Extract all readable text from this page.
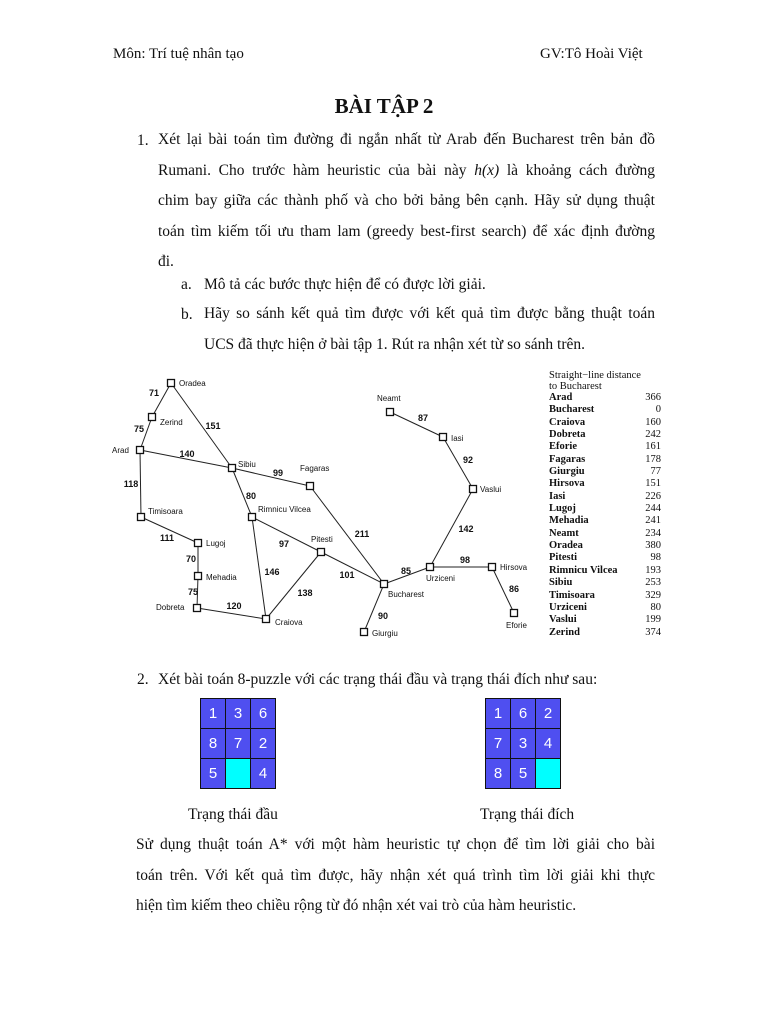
Môn: Trí tuệ nhân tạo	GV:Tô Hoài Việt
BÀI TẬP 2
1. Xét lại bài toán tìm đường đi ngắn nhất từ Arab đến Bucharest trên bản đồ
Rumani. Cho trước hàm heuristic của bài này h(x) là khoảng cách đường
chim bay giữa các thành phố và cho bởi bảng bên cạnh. Hãy sử dụng thuật
toán tìm kiếm tối ưu tham lam (greedy best-first search) để xác định đường
đi.
a. Mô tả các bước thực hiện để có được lời giải.
b. Hãy so sánh kết quả tìm được với kết quả tìm được bằng thuật toán
UCS đã thực hiện ở bài tập 1. Rút ra nhận xét từ so sánh trên.
71
75	151
140
118
111
70
75
120
99
80
97
146
138
101
211
90
85
98
86
142
92
87
Oradea
Zerind
Arad
Timisoara
Lugoj
Mehadia
Dobreta
Craiova
Sibiu
Rimnicu Vilcea
Fagaras
Pitesti
Bucharest
Giurgiu
Urziceni
Hirsova
Eforie
Vaslui
Iasi
Neamt
Straight−line distance
to Bucharest
Arad	366
Bucharest	0
Craiova	160
Dobreta	242
Eforie	161
Fagaras	178
Giurgiu	77
Hirsova	151
Iasi	226
Lugoj	244
Mehadia	241
Neamt	234
Oradea	380
Pitesti	98
Rimnicu Vilcea	193
Sibiu	253
Timisoara	329
Urziceni	80
Vaslui	199
Zerind	374
2. Xét bài toán 8-puzzle với các trạng thái đầu và trạng thái đích như sau:
1	3	6
8	7	2
5		4
1	6	2
7	3	4
8	5	
Trạng thái đầu	Trạng thái đích
Sử dụng thuật toán A* với một hàm heuristic tự chọn để tìm lời giải cho bài
toán trên. Với kết quả tìm được, hãy nhận xét quá trình tìm lời giải khi thực
hiện tìm kiếm theo chiều rộng từ đó nhận xét vai trò của hàm heuristic.
